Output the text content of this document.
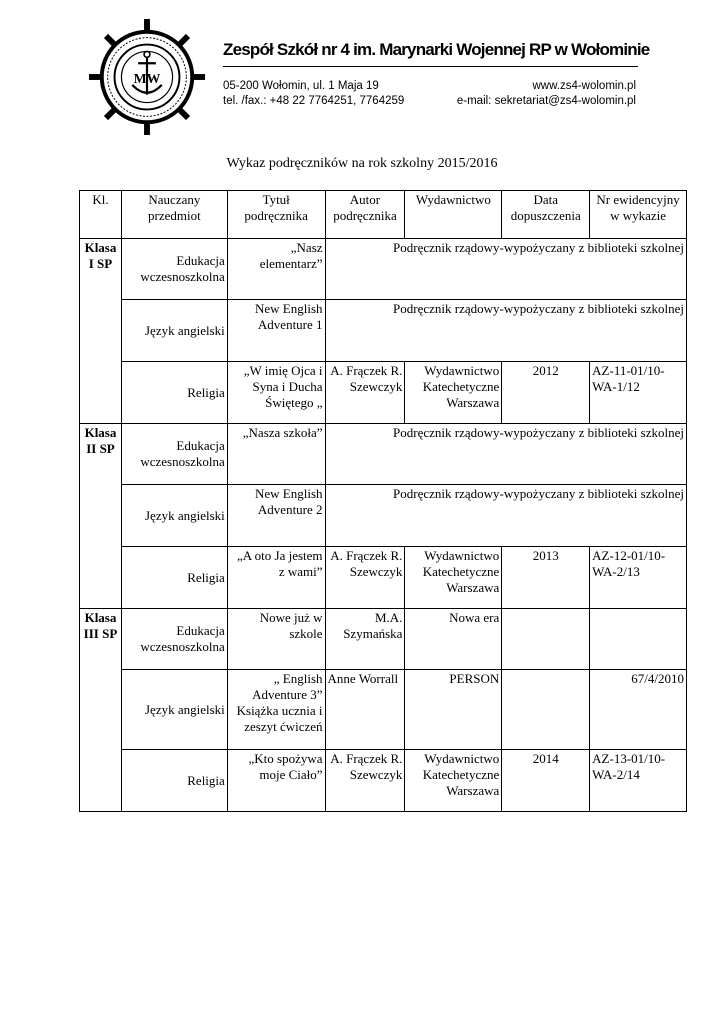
MW
Zespół Szkół nr 4 im. Marynarki Wojennej RP w Wołominie
05-200 Wołomin, ul. 1 Maja 19	www.zs4-wolomin.pl
tel. /fax.: +48 22 7764251, 7764259	e-mail: sekretariat@zs4-wolomin.pl
Wykaz podręczników na rok szkolny 2015/2016
Kl.	Nauczany przedmiot	Tytuł podręcznika	Autor podręcznika	Wydawnictwo	Data dopuszczenia	Nr ewidencyjny w wykazie

Klasa
I SP	Edukacja wczesnoszkolna	„Nasz elementarz”	Podręcznik rządowy-wypożyczany z biblioteki szkolnej			
	Język angielski	New English Adventure 1	Podręcznik rządowy-wypożyczany z biblioteki szkolnej			
	Religia	„W imię Ojca i Syna i Ducha Świętego „	A. Frączek R. Szewczyk	Wydawnictwo Katechetyczne Warszawa	2012	AZ-11-01/10-WA-1/12

Klasa
II SP	Edukacja wczesnoszkolna	„Nasza szkoła”	Podręcznik rządowy-wypożyczany z biblioteki szkolnej			
	Język angielski	New English Adventure 2	Podręcznik rządowy-wypożyczany z biblioteki szkolnej			
	Religia	„A oto Ja jestem z wami”	A. Frączek R. Szewczyk	Wydawnictwo Katechetyczne Warszawa	2013	AZ-12-01/10-WA-2/13

Klasa
III SP	Edukacja wczesnoszkolna	Nowe już w szkole	M.A. Szymańska	Nowa era		
	Język angielski	„ English Adventure 3” Książka ucznia i zeszyt ćwiczeń	Anne Worrall	PERSON		67/4/2010
	Religia	„Kto spożywa moje Ciało”	A. Frączek R. Szewczyk	Wydawnictwo Katechetyczne Warszawa	2014	AZ-13-01/10-WA-2/14
